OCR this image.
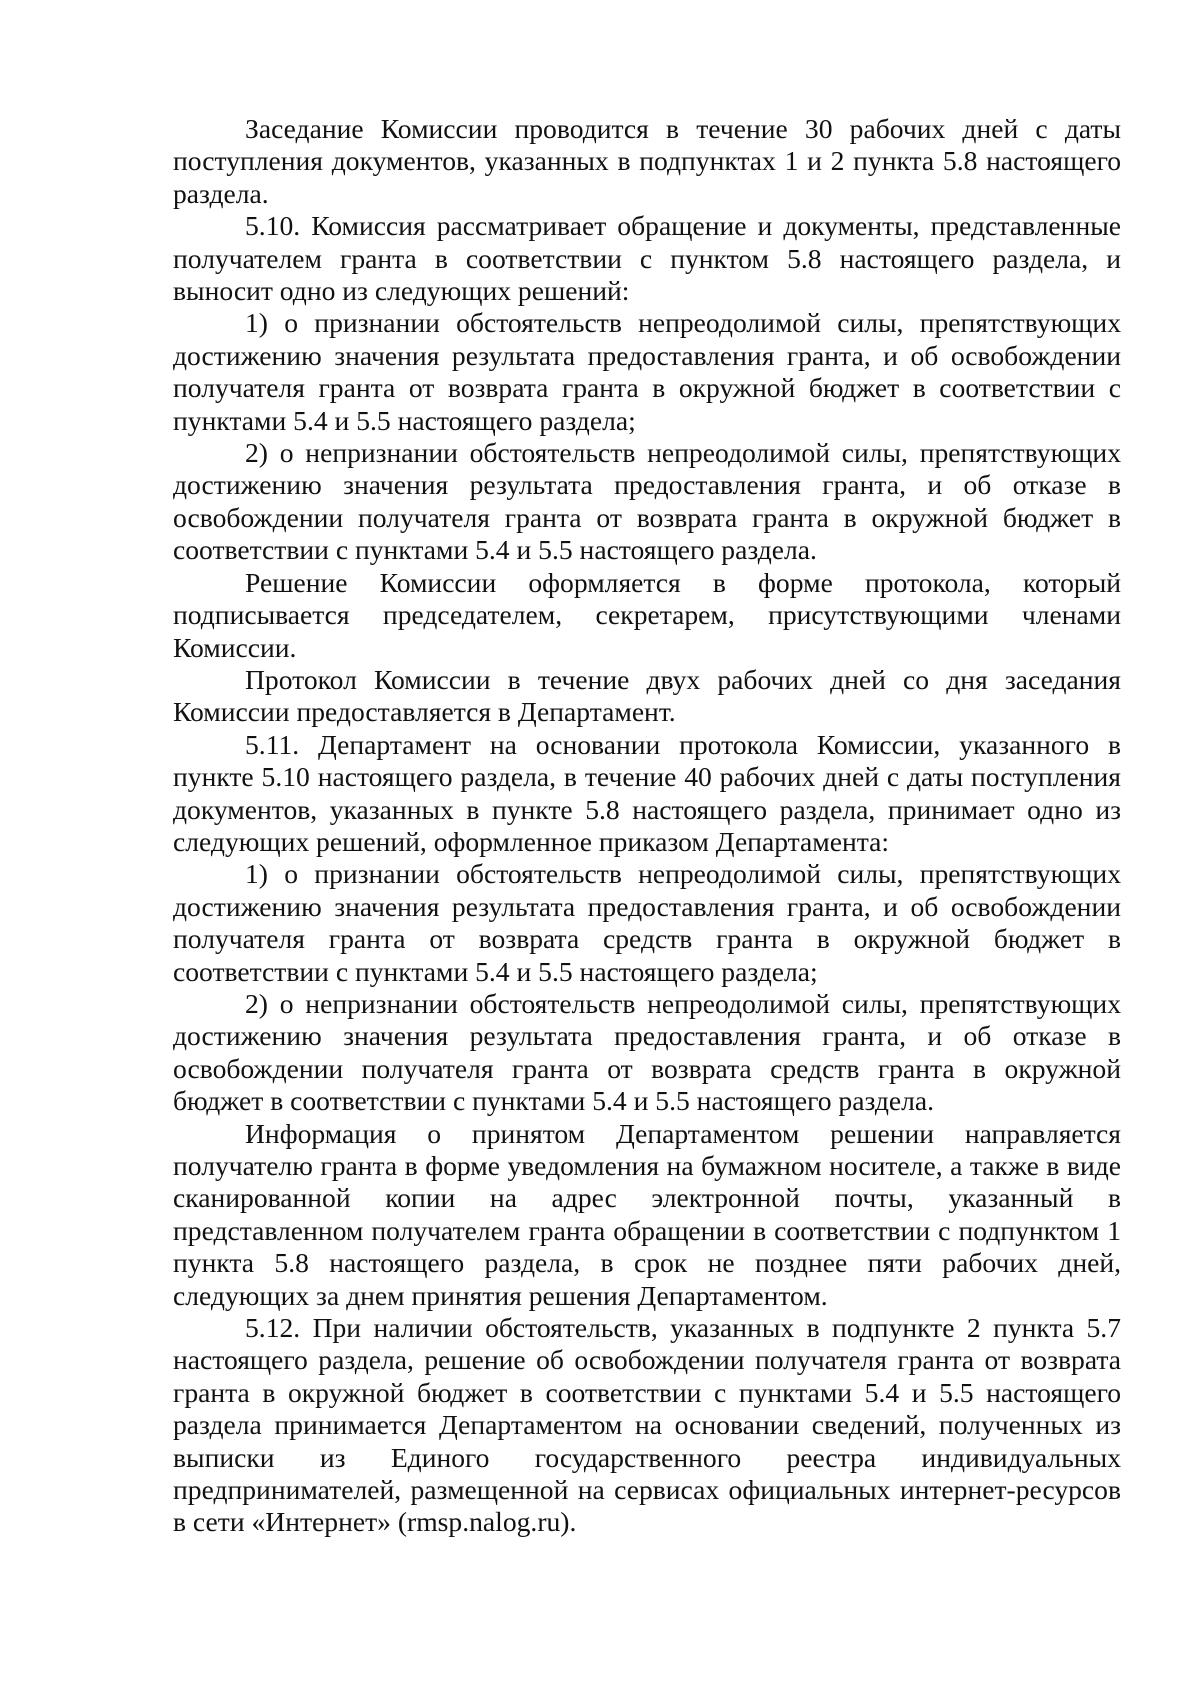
Заседание Комиссии проводится в течение 30 рабочих дней с даты поступления документов, указанных в подпунктах 1 и 2 пункта 5.8 настоящего раздела.

5.10. Комиссия рассматривает обращение и документы, представленные получателем гранта в соответствии с пунктом 5.8 настоящего раздела, и выносит одно из следующих решений:

1) о признании обстоятельств непреодолимой силы, препятствующих достижению значения результата предоставления гранта, и об освобождении получателя гранта от возврата гранта в окружной бюджет в соответствии с пунктами 5.4 и 5.5 настоящего раздела;

2) о непризнании обстоятельств непреодолимой силы, препятствующих достижению значения результата предоставления гранта, и об отказе в освобождении получателя гранта от возврата гранта в окружной бюджет в соответствии с пунктами 5.4 и 5.5 настоящего раздела.

Решение Комиссии оформляется в форме протокола, который подписывается председателем, секретарем, присутствующими членами Комиссии.

Протокол Комиссии в течение двух рабочих дней со дня заседания Комиссии предоставляется в Департамент.

5.11. Департамент на основании протокола Комиссии, указанного в пункте 5.10 настоящего раздела, в течение 40 рабочих дней с даты поступления документов, указанных в пункте 5.8 настоящего раздела, принимает одно из следующих решений, оформленное приказом Департамента:

1) о признании обстоятельств непреодолимой силы, препятствующих достижению значения результата предоставления гранта, и об освобождении получателя гранта от возврата средств гранта в окружной бюджет в соответствии с пунктами 5.4 и 5.5 настоящего раздела;

2) о непризнании обстоятельств непреодолимой силы, препятствующих достижению значения результата предоставления гранта, и об отказе в освобождении получателя гранта от возврата средств гранта в окружной бюджет в соответствии с пунктами 5.4 и 5.5 настоящего раздела.

Информация о принятом Департаментом решении направляется получателю гранта в форме уведомления на бумажном носителе, а также в виде сканированной копии на адрес электронной почты, указанный в представленном получателем гранта обращении в соответствии с подпунктом 1 пункта 5.8 настоящего раздела, в срок не позднее пяти рабочих дней, следующих за днем принятия решения Департаментом.

5.12. При наличии обстоятельств, указанных в подпункте 2 пункта 5.7 настоящего раздела, решение об освобождении получателя гранта от возврата гранта в окружной бюджет в соответствии с пунктами 5.4 и 5.5 настоящего раздела принимается Департаментом на основании сведений, полученных из выписки из Единого государственного реестра индивидуальных предпринимателей, размещенной на сервисах официальных интернет-ресурсов в сети «Интернет» (rmsp.nalog.ru).
